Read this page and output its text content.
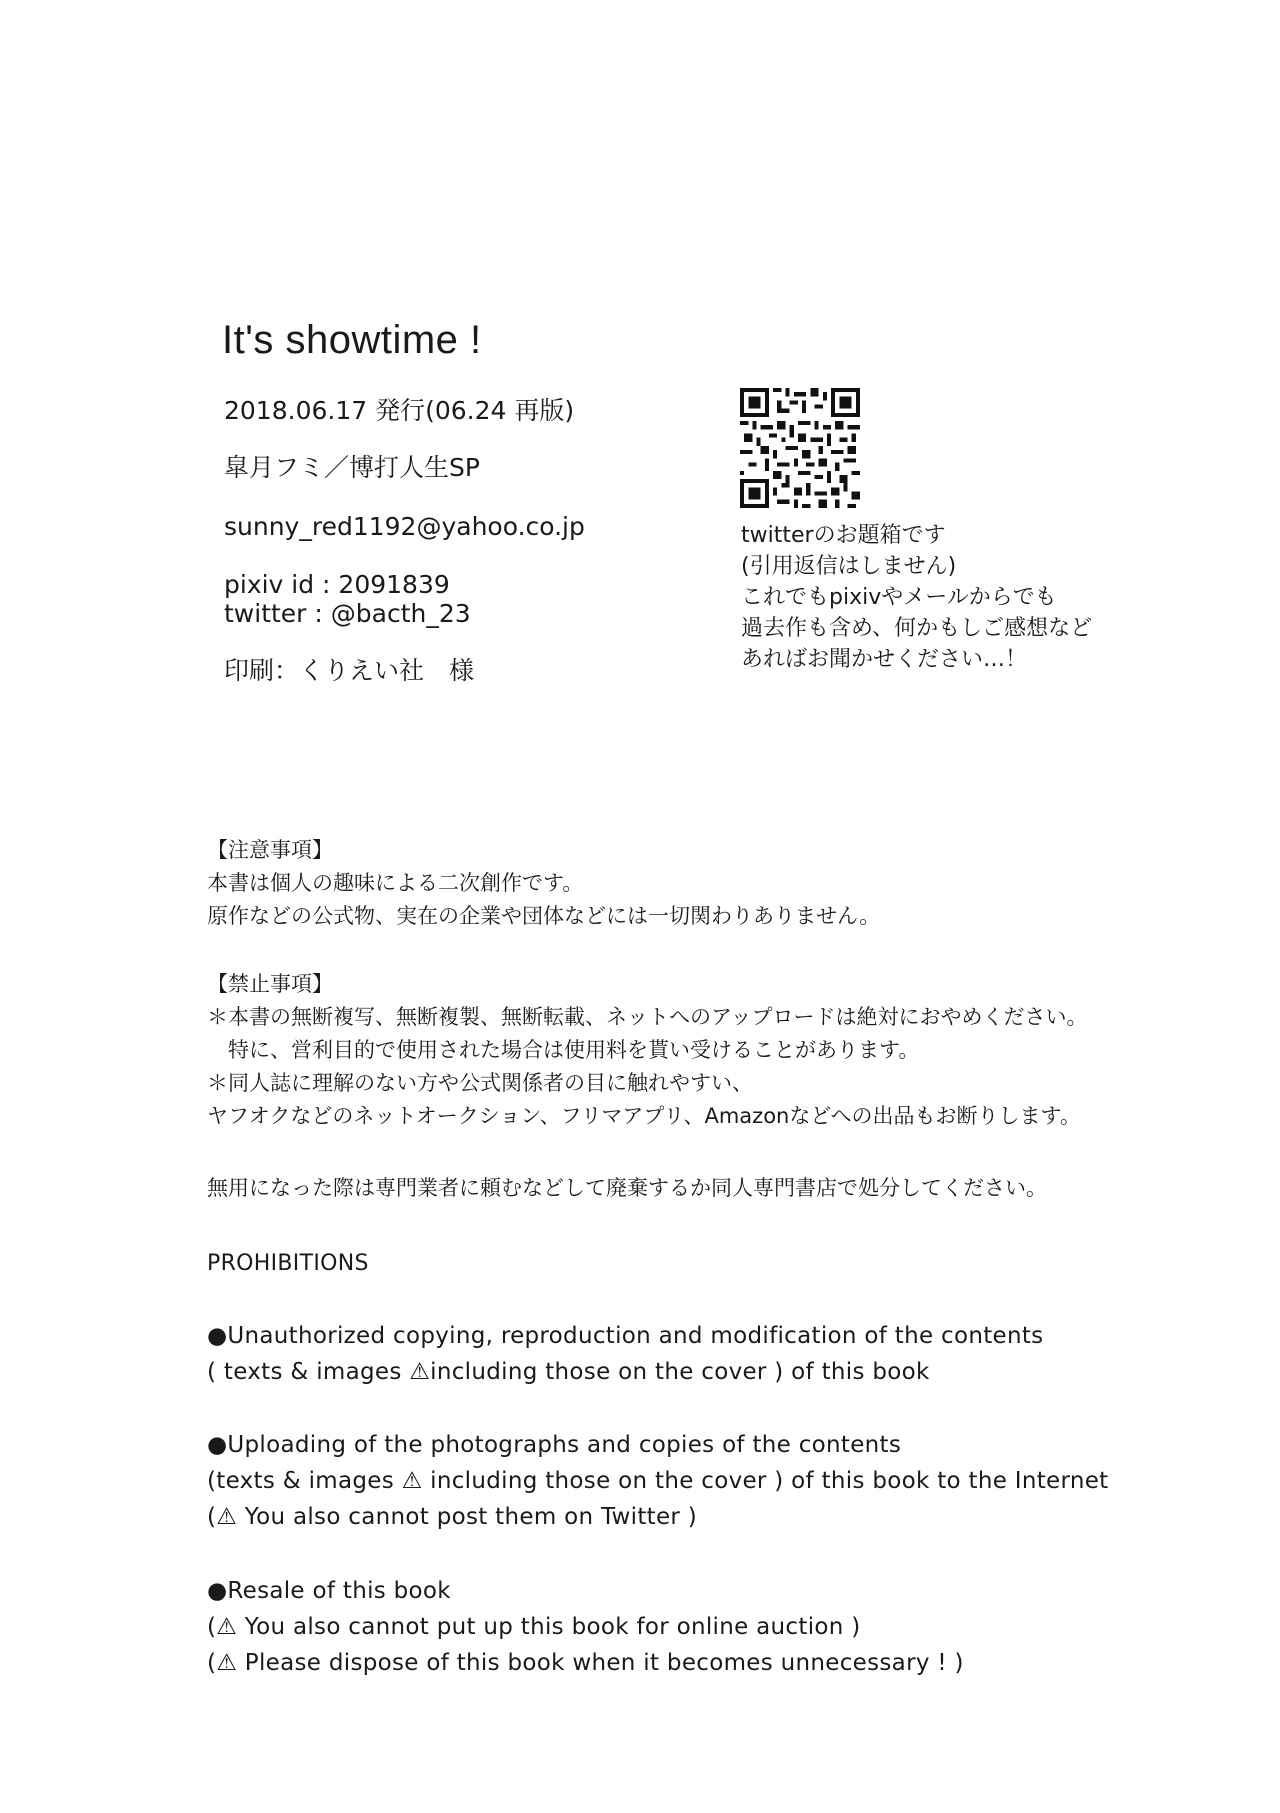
It's showtime !
2018.06.17 発行(06.24 再版)
皐月フミ／博打人生SP
sunny_red1192@yahoo.co.jp
pixiv id : 2091839
twitter : @bacth_23
印刷：くりえい社　様
twitterのお題箱です
(引用返信はしません)
これでもpixivやメールからでも
過去作も含め、何かもしご感想など
あればお聞かせください…！
【注意事項】
本書は個人の趣味による二次創作です。
原作などの公式物、実在の企業や団体などには一切関わりありません。
【禁止事項】
＊本書の無断複写、無断複製、無断転載、ネットへのアップロードは絶対におやめください。
　特に、営利目的で使用された場合は使用料を貰い受けることがあります。
＊同人誌に理解のない方や公式関係者の目に触れやすい、
ヤフオクなどのネットオークション、フリマアプリ、Amazonなどへの出品もお断りします。
無用になった際は専門業者に頼むなどして廃棄するか同人専門書店で処分してください。
PROHIBITIONS
●Unauthorized copying, reproduction and modification of the contents
( texts & images ⚠including those on the cover ) of this book
●Uploading of the photographs and copies of the contents
(texts & images ⚠ including those on the cover ) of this book to the Internet
(⚠ You also cannot post them on Twitter )
●Resale of this book
(⚠ You also cannot put up this book for online auction )
(⚠ Please dispose of this book when it becomes unnecessary ! )
